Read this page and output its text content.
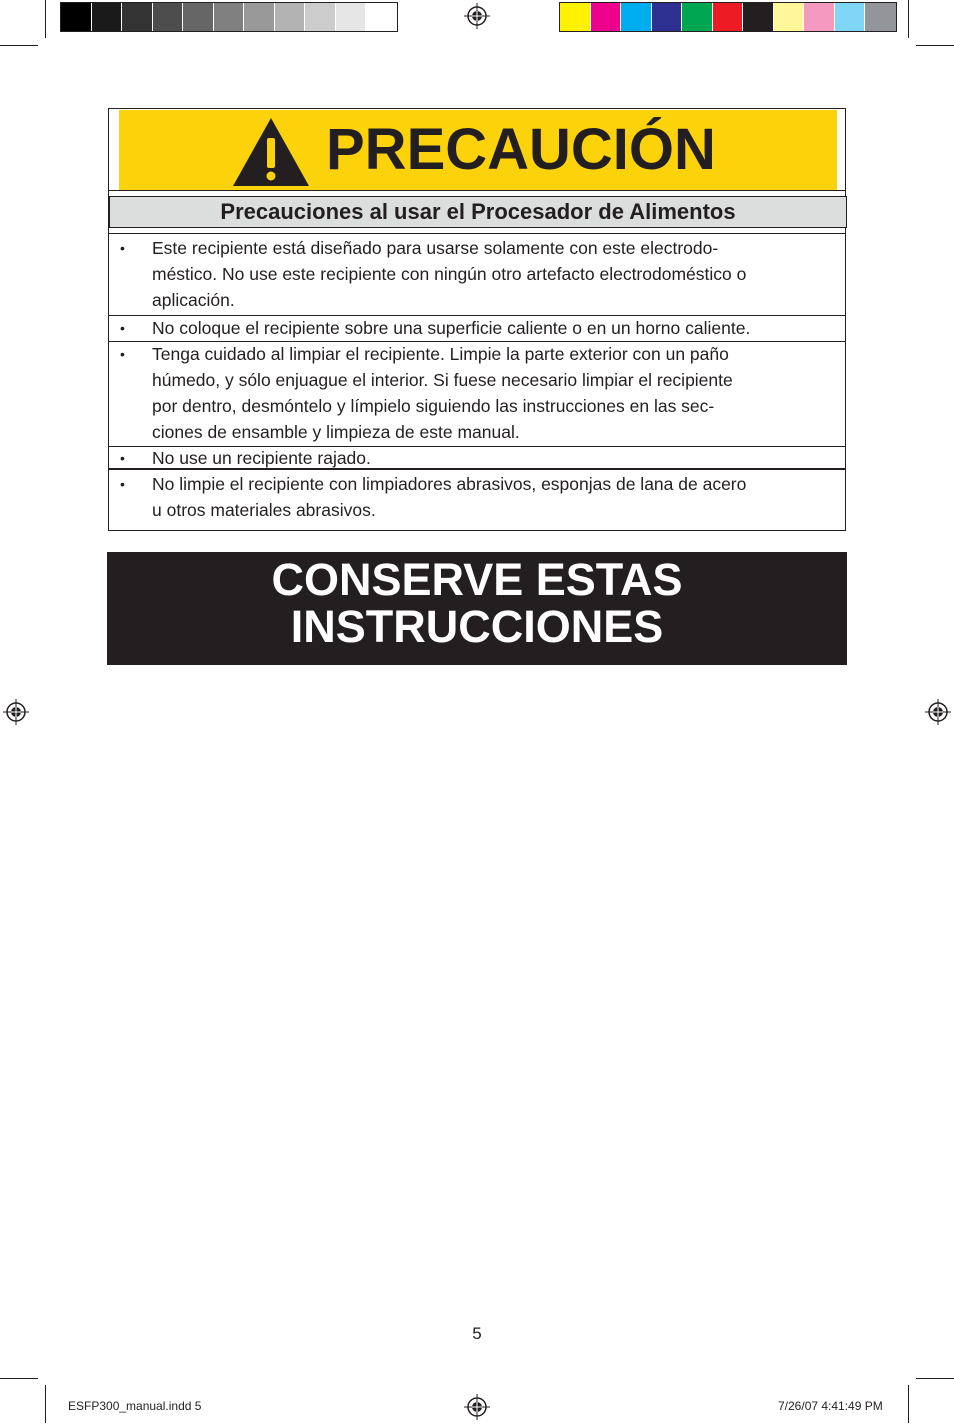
PRECAUCIÓN
Precauciones al usar el Procesador de Alimentos
• Este recipiente está diseñado para usarse solamente con este electrodo-
méstico. No use este recipiente con ningún otro artefacto electrodoméstico o
aplicación.
• No coloque el recipiente sobre una superficie caliente o en un horno caliente.
• Tenga cuidado al limpiar el recipiente. Limpie la parte exterior con un paño
húmedo, y sólo enjuague el interior. Si fuese necesario limpiar el recipiente
por dentro, desmóntelo y límpielo siguiendo las instrucciones en las sec-
ciones de ensamble y limpieza de este manual.
• No use un recipiente rajado.
• No limpie el recipiente con limpiadores abrasivos, esponjas de lana de acero
u otros materiales abrasivos.
CONSERVE ESTAS
INSTRUCCIONES
5
ESFP300_manual.indd 5	7/26/07 4:41:49 PM
